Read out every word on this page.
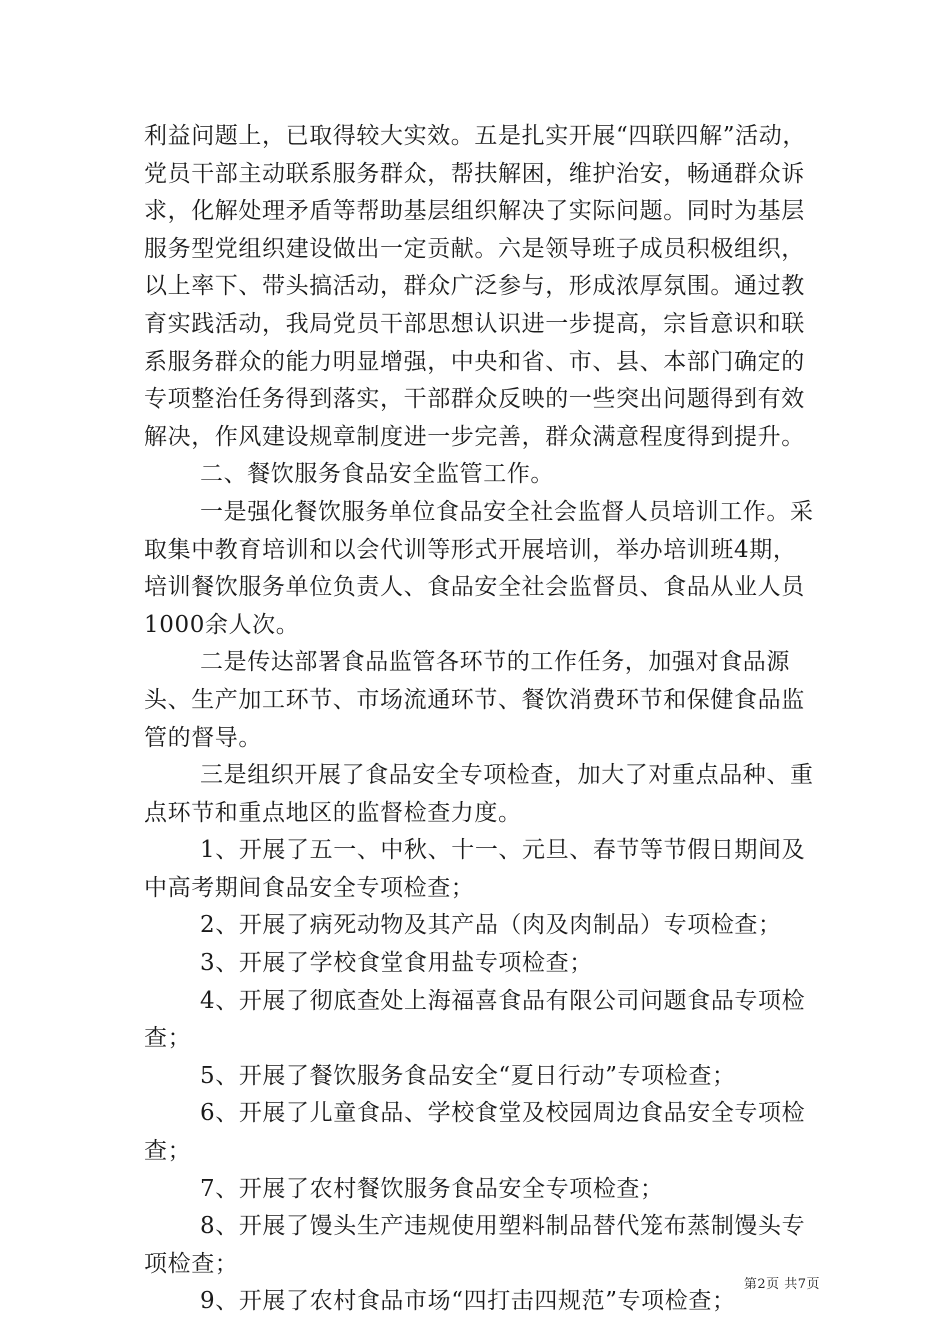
利益问题上，已取得较大实效。五是扎实开展“四联四解”活动，党员干部主动联系服务群众，帮扶解困，维护治安，畅通群众诉求，化解处理矛盾等帮助基层组织解决了实际问题。同时为基层服务型党组织建设做出一定贡献。六是领导班子成员积极组织，以上率下、带头搞活动，群众广泛参与，形成浓厚氛围。通过教育实践活动，我局党员干部思想认识进一步提高，宗旨意识和联系服务群众的能力明显增强，中央和省、市、县、本部门确定的专项整治任务得到落实，干部群众反映的一些突出问题得到有效解决，作风建设规章制度进一步完善，群众满意程度得到提升。

二、餐饮服务食品安全监管工作。

一是强化餐饮服务单位食品安全社会监督人员培训工作。采取集中教育培训和以会代训等形式开展培训，举办培训班4期，培训餐饮服务单位负责人、食品安全社会监督员、食品从业人员1000余人次。

二是传达部署食品监管各环节的工作任务，加强对食品源头、生产加工环节、市场流通环节、餐饮消费环节和保健食品监管的督导。

三是组织开展了食品安全专项检查，加大了对重点品种、重点环节和重点地区的监督检查力度。

1、开展了五一、中秋、十一、元旦、春节等节假日期间及中高考期间食品安全专项检查；

2、开展了病死动物及其产品（肉及肉制品）专项检查；

3、开展了学校食堂食用盐专项检查；

4、开展了彻底查处上海福喜食品有限公司问题食品专项检查；

5、开展了餐饮服务食品安全“夏日行动”专项检查；

6、开展了儿童食品、学校食堂及校园周边食品安全专项检查；

7、开展了农村餐饮服务食品安全专项检查；

8、开展了馒头生产违规使用塑料制品替代笼布蒸制馒头专项检查；

9、开展了农村食品市场“四打击四规范”专项检查；

第2页 共7页
